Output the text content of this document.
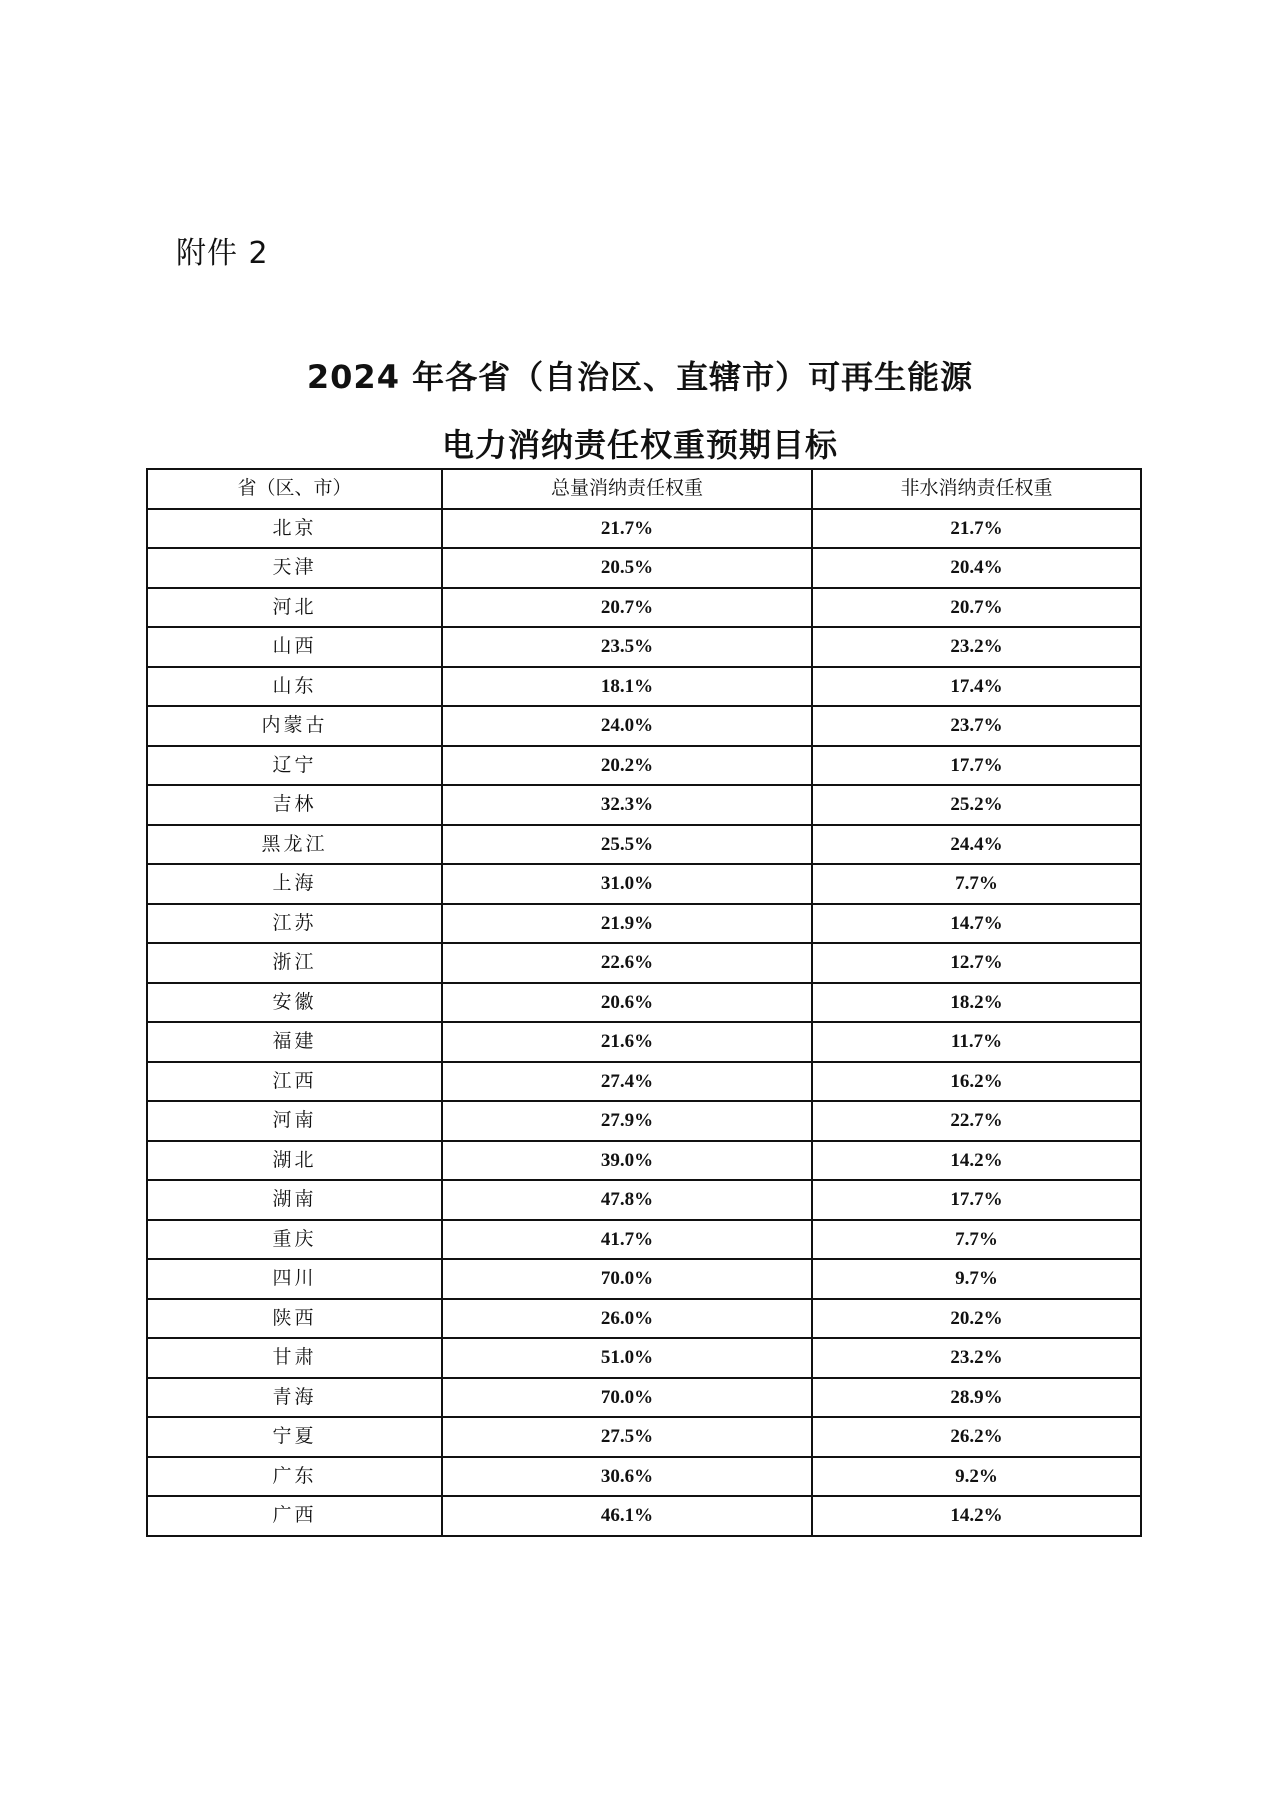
附件 2
2024 年各省（自治区、直辖市）可再生能源
电力消纳责任权重预期目标
省（区、市）	总量消纳责任权重	非水消纳责任权重
北京	21.7%	21.7%
天津	20.5%	20.4%
河北	20.7%	20.7%
山西	23.5%	23.2%
山东	18.1%	17.4%
内蒙古	24.0%	23.7%
辽宁	20.2%	17.7%
吉林	32.3%	25.2%
黑龙江	25.5%	24.4%
上海	31.0%	7.7%
江苏	21.9%	14.7%
浙江	22.6%	12.7%
安徽	20.6%	18.2%
福建	21.6%	11.7%
江西	27.4%	16.2%
河南	27.9%	22.7%
湖北	39.0%	14.2%
湖南	47.8%	17.7%
重庆	41.7%	7.7%
四川	70.0%	9.7%
陕西	26.0%	20.2%
甘肃	51.0%	23.2%
青海	70.0%	28.9%
宁夏	27.5%	26.2%
广东	30.6%	9.2%
广西	46.1%	14.2%
